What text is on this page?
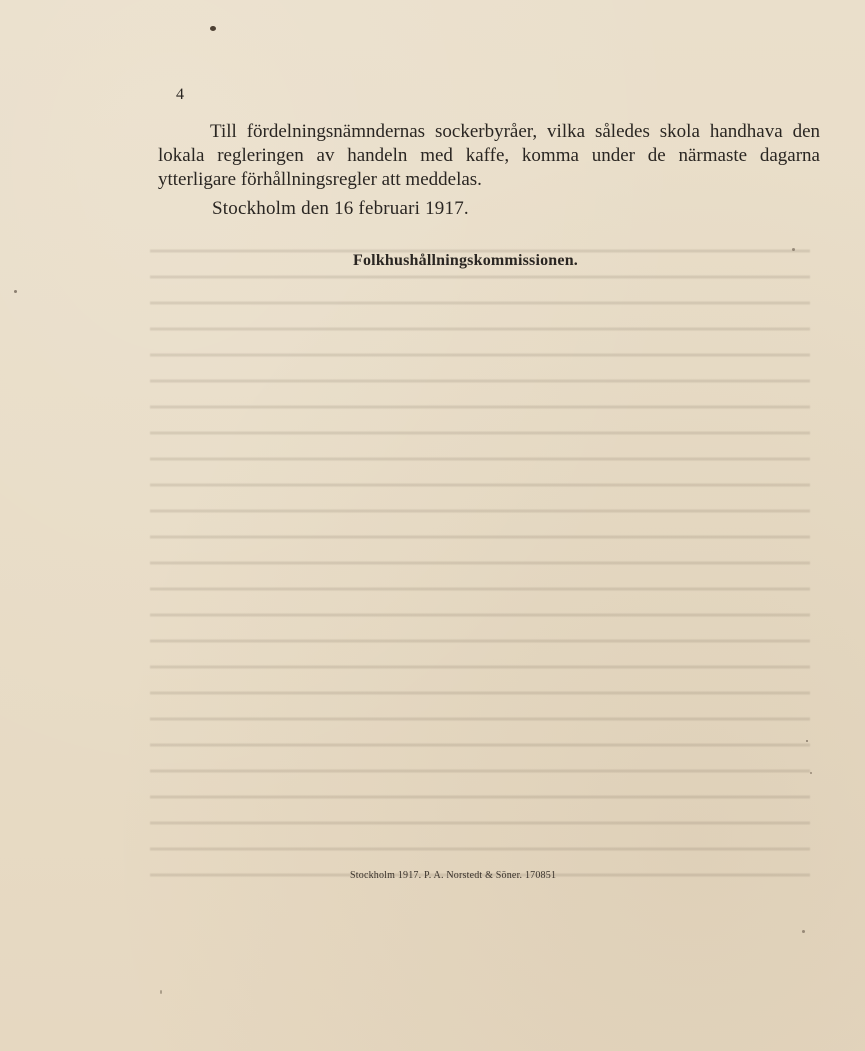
4

Till fördelningsnämndernas sockerbyråer, vilka således skola handhava den lokala regleringen av handeln med kaffe, komma under de närmaste dagarna ytterligare förhållningsregler att meddelas.

Stockholm den 16 februari 1917.

Folkhushållningskommissionen.

Stockholm 1917. P. A. Norstedt & Söner. 170851
